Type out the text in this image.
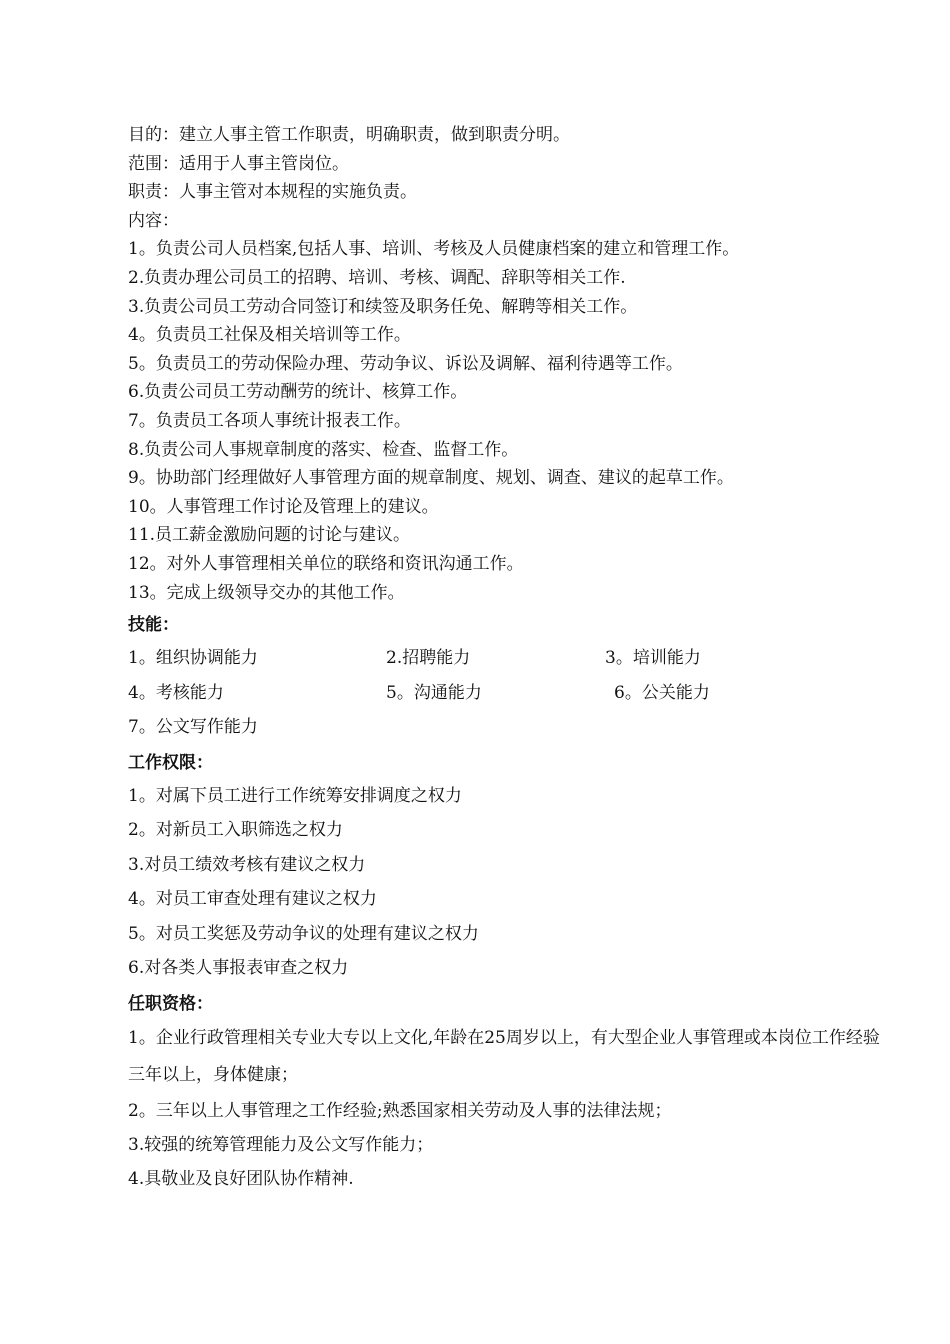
目的：建立人事主管工作职责，明确职责，做到职责分明。
范围：适用于人事主管岗位。
职责：人事主管对本规程的实施负责。
内容：
1。负责公司人员档案,包括人事、培训、考核及人员健康档案的建立和管理工作。
2.负责办理公司员工的招聘、培训、考核、调配、辞职等相关工作.
3.负责公司员工劳动合同签订和续签及职务任免、解聘等相关工作。
4。负责员工社保及相关培训等工作。
5。负责员工的劳动保险办理、劳动争议、诉讼及调解、福利待遇等工作。
6.负责公司员工劳动酬劳的统计、核算工作。
7。负责员工各项人事统计报表工作。
8.负责公司人事规章制度的落实、检查、监督工作。
9。协助部门经理做好人事管理方面的规章制度、规划、调查、建议的起草工作。
10。人事管理工作讨论及管理上的建议。
11.员工薪金激励问题的讨论与建议。
12。对外人事管理相关单位的联络和资讯沟通工作。
13。完成上级领导交办的其他工作。
技能：
1。组织协调能力	2.招聘能力	3。培训能力
4。考核能力	5。沟通能力	6。公关能力
7。公文写作能力
工作权限：
1。对属下员工进行工作统筹安排调度之权力
2。对新员工入职筛选之权力
3.对员工绩效考核有建议之权力
4。对员工审查处理有建议之权力
5。对员工奖惩及劳动争议的处理有建议之权力
6.对各类人事报表审查之权力
任职资格：
1。企业行政管理相关专业大专以上文化,年龄在25周岁以上，有大型企业人事管理或本岗位工作经验三年以上，身体健康；
2。三年以上人事管理之工作经验;熟悉国家相关劳动及人事的法律法规；
3.较强的统筹管理能力及公文写作能力；
4.具敬业及良好团队协作精神.
